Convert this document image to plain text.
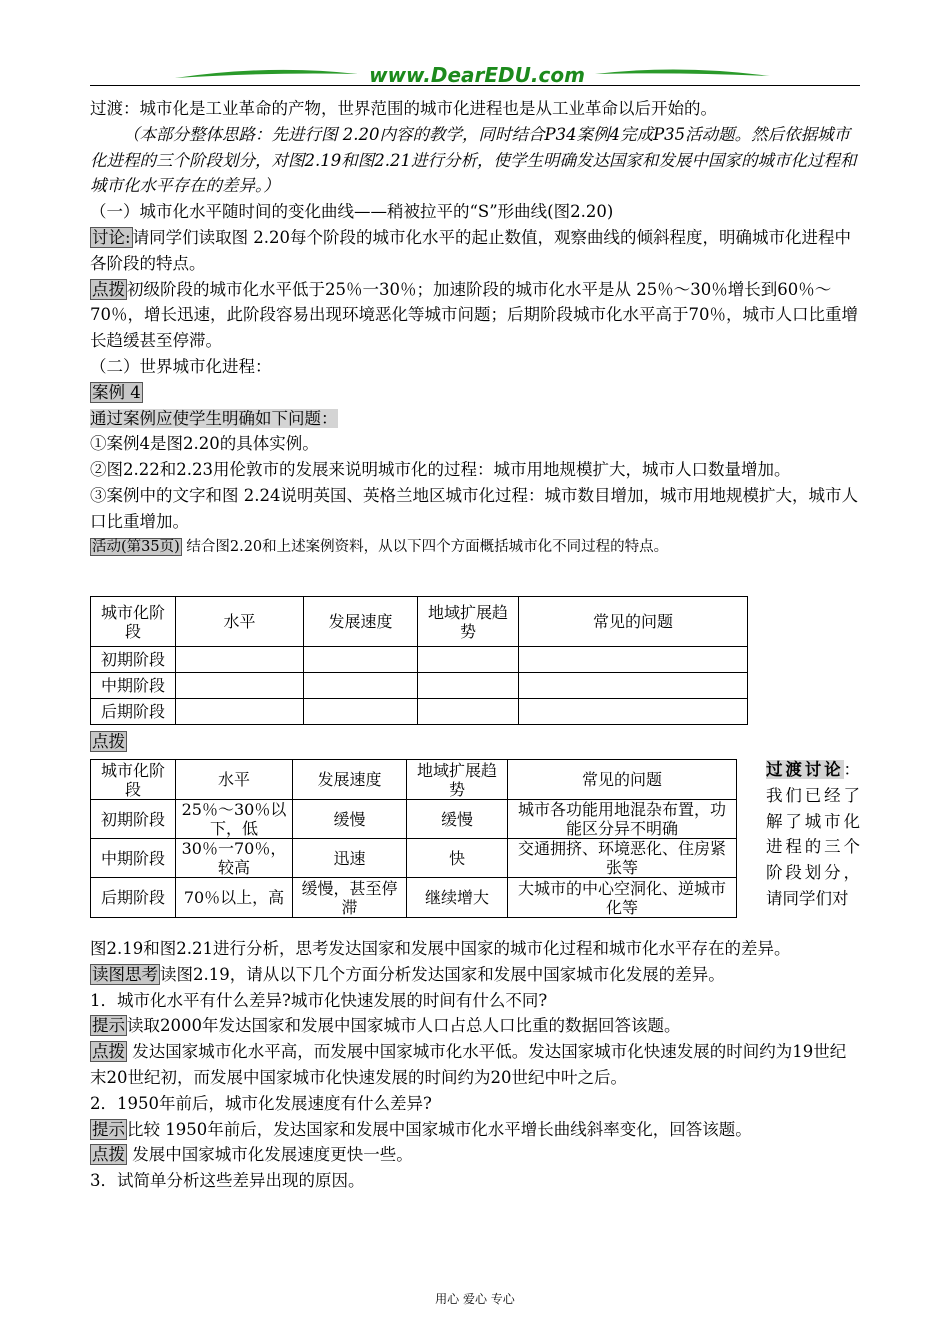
www.DearEDU.com
过渡：城市化是工业革命的产物，世界范围的城市化进程也是从工业革命以后开始的。
（本部分整体思路：先进行图 2.20内容的教学，同时结合P34案例4完成P35活动题。然后依据城市化进程的三个阶段划分，对图2.19和图2.21进行分析，使学生明确发达国家和发展中国家的城市化过程和城市化水平存在的差异。）
（一）城市化水平随时间的变化曲线——稍被拉平的“S”形曲线(图2.20)
讨论: 请同学们读取图 2.20每个阶段的城市化水平的起止数值，观察曲线的倾斜程度，明确城市化进程中各阶段的特点。
点拨 初级阶段的城市化水平低于25％一30％；加速阶段的城市化水平是从 25％～30％增长到60％～70％，增长迅速，此阶段容易出现环境恶化等城市问题；后期阶段城市化水平高于70％，城市人口比重增长趋缓甚至停滞。
（二）世界城市化进程：
案例 4
通过案例应使学生明确如下问题：
①案例4是图2.20的具体实例。
②图2.22和2.23用伦敦市的发展来说明城市化的过程：城市用地规模扩大，城市人口数量增加。
③案例中的文字和图 2.24说明英国、英格兰地区城市化过程：城市数目增加，城市用地规模扩大，城市人口比重增加。
活动(第35页) 结合图2.20和上述案例资料，从以下四个方面概括城市化不同过程的特点。
城市化阶段	水平	发展速度	地域扩展趋势	常见的问题
初期阶段				
中期阶段				
后期阶段				
点拨
城市化阶段	水平	发展速度	地域扩展趋势	常见的问题
初期阶段	25％～30％以下，低	缓慢	缓慢	城市各功能用地混杂布置，功能区分异不明确
中期阶段	30％一70％，较高	迅速	快	交通拥挤、环境恶化、住房紧张等
后期阶段	70％以上，高	缓慢，甚至停滞	继续增大	大城市的中心空洞化、逆城市化等
过渡讨论：我们已经了解了城市化进程的三个阶段划分，请同学们对
图2.19和图2.21进行分析，思考发达国家和发展中国家的城市化过程和城市化水平存在的差异。
读图思考 读图2.19，请从以下几个方面分析发达国家和发展中国家城市化发展的差异。
1．城市化水平有什么差异?城市化快速发展的时间有什么不同?
提示 读取2000年发达国家和发展中国家城市人口占总人口比重的数据回答该题。
点拨 发达国家城市化水平高，而发展中国家城市化水平低。发达国家城市化快速发展的时间约为19世纪末20世纪初，而发展中国家城市化快速发展的时间约为20世纪中叶之后。
2．1950年前后，城市化发展速度有什么差异?
提示 比较 1950年前后，发达国家和发展中国家城市化水平增长曲线斜率变化，回答该题。
点拨 发展中国家城市化发展速度更快一些。
3．试简单分析这些差异出现的原因。
用心 爱心 专心
